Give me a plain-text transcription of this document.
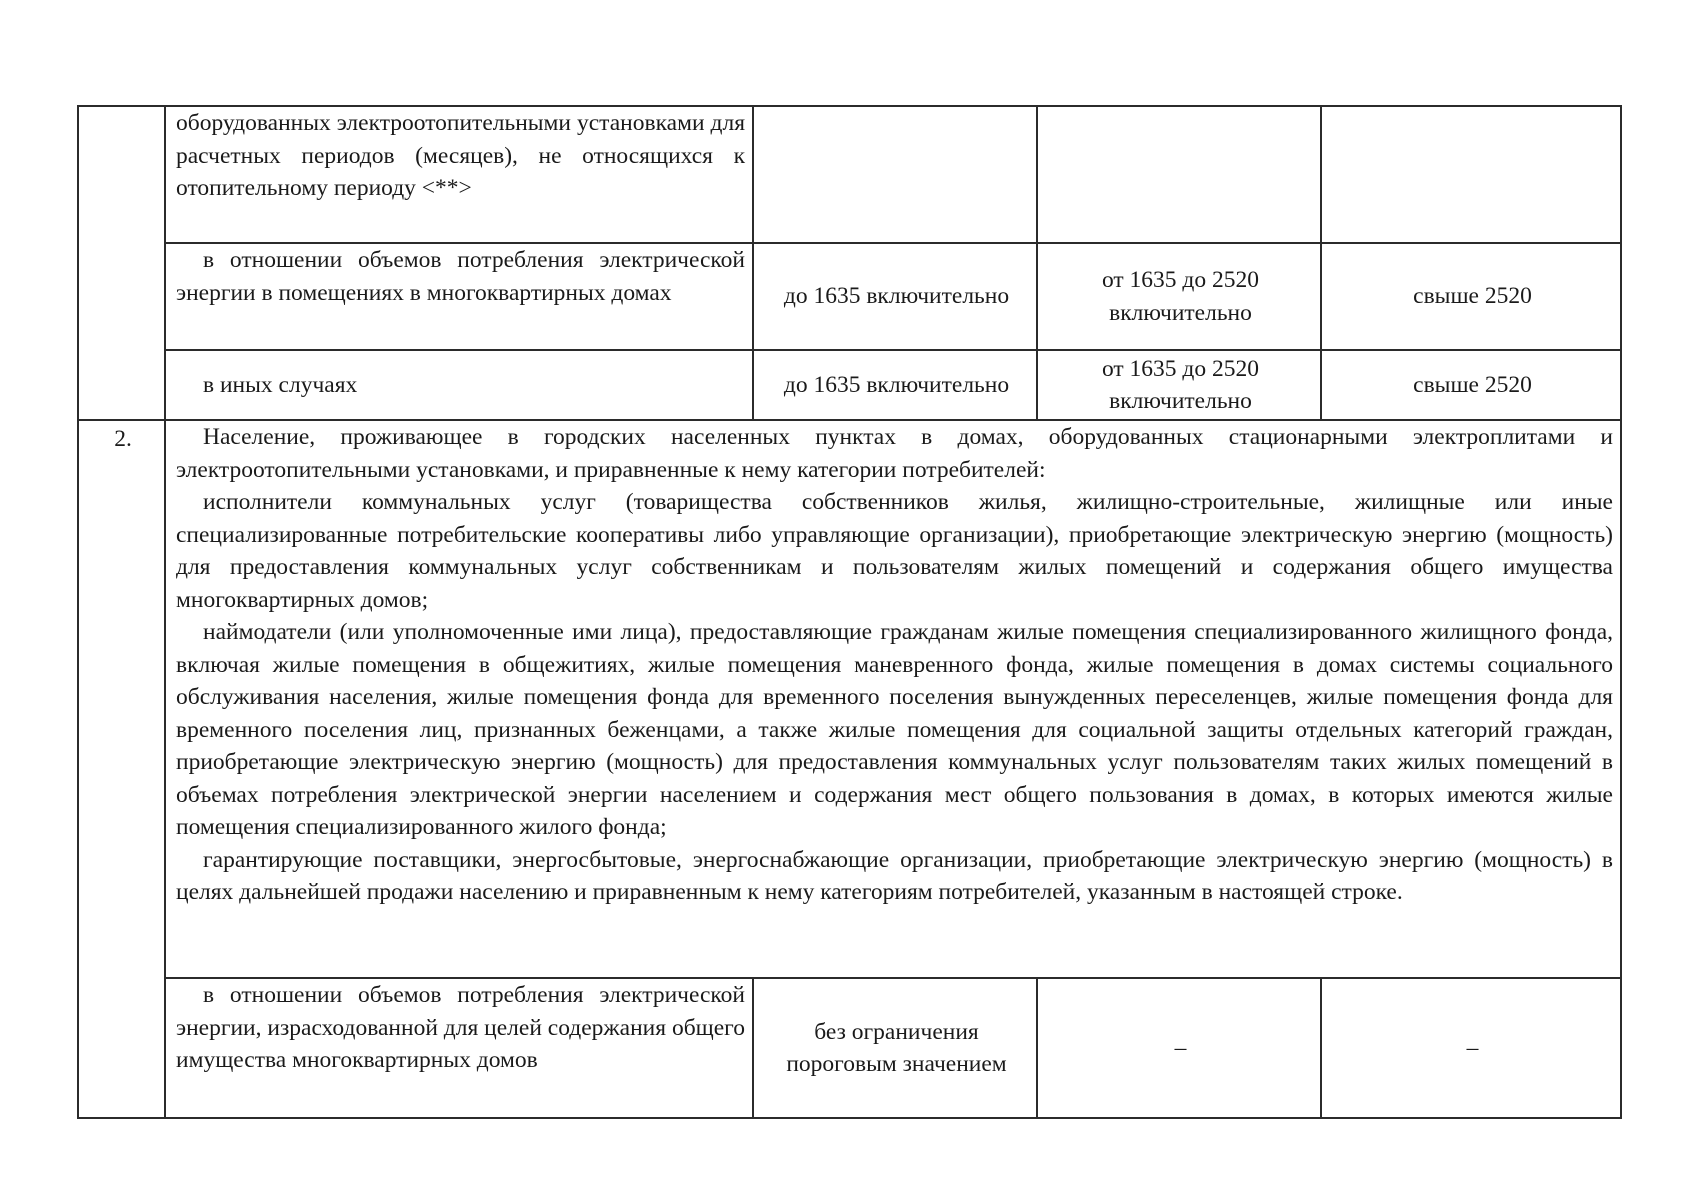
	оборудованных электроотопительными установками для расчетных периодов (месяцев), не относящихся к отопительному периоду <**>			

	в отношении объемов потребления электрической энергии в помещениях в многоквартирных домах	до 1635 включительно	от 1635 до 2520 включительно	свыше 2520

	в иных случаях	до 1635 включительно	от 1635 до 2520 включительно	свыше 2520
2.	Население, проживающее в городских населенных пунктах в домах, оборудованных стационарными электроплитами и электроотопительными установками, и приравненные к нему категории потребителей:

исполнители коммунальных услуг (товарищества собственников жилья, жилищно-строительные, жилищные или иные специализированные потребительские кооперативы либо управляющие организации), приобретающие электрическую энергию (мощность) для предоставления коммунальных услуг собственникам и пользователям жилых помещений и содержания общего имущества многоквартирных домов;

наймодатели (или уполномоченные ими лица), предоставляющие гражданам жилые помещения специализированного жилищного фонда, включая жилые помещения в общежитиях, жилые помещения маневренного фонда, жилые помещения в домах системы социального обслуживания населения, жилые помещения фонда для временного поселения вынужденных переселенцев, жилые помещения фонда для временного поселения лиц, признанных беженцами, а также жилые помещения для социальной защиты отдельных категорий граждан, приобретающие электрическую энергию (мощность) для предоставления коммунальных услуг пользователям таких жилых помещений в объемах потребления электрической энергии населением и содержания мест общего пользования в домах, в которых имеются жилые помещения специализированного жилого фонда;

гарантирующие поставщики, энергосбытовые, энергоснабжающие организации, приобретающие электрическую энергию (мощность) в целях дальнейшей продажи населению и приравненным к нему категориям потребителей, указанным в настоящей строке.			

	в отношении объемов потребления электрической энергии, израсходованной для целей содержания общего имущества многоквартирных домов	без ограничения пороговым значением	–	–
